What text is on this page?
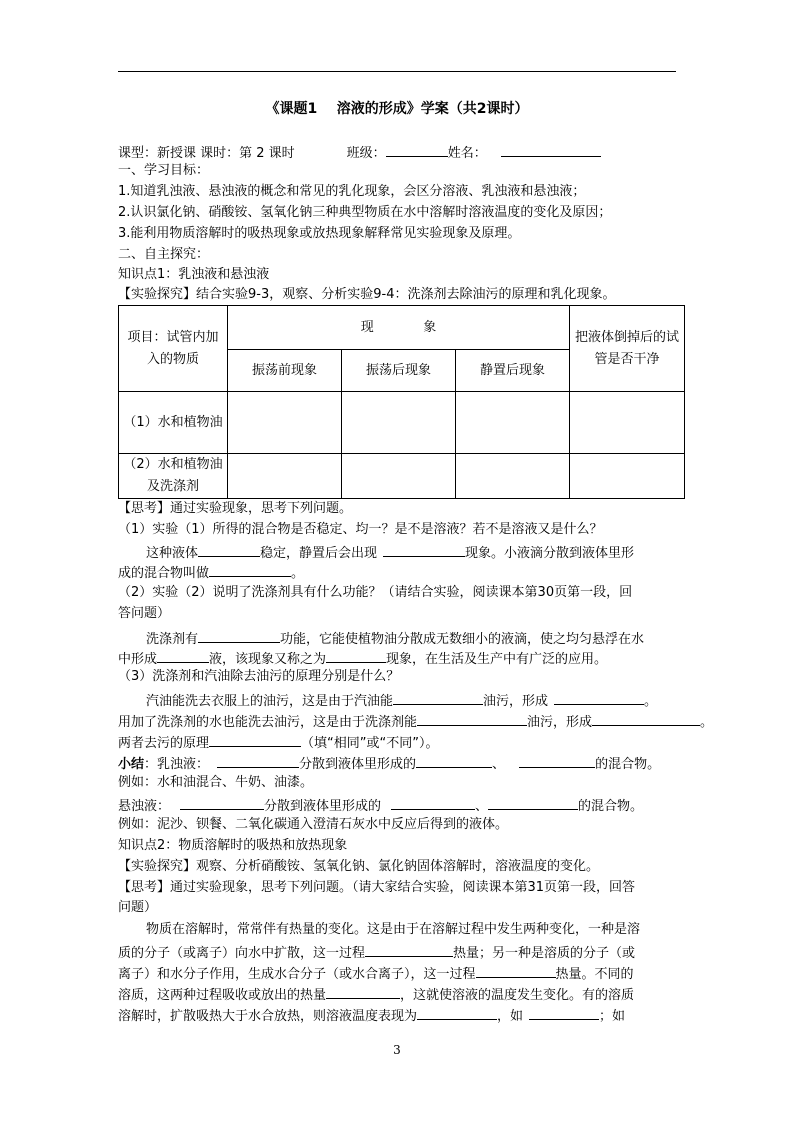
《课题1    溶液的形成》学案（共2课时）
课型：新授课 课时：第 2 课时	班级：	姓名：
一、学习目标：
1.知道乳浊液、悬浊液的概念和常见的乳化现象，会区分溶液、乳浊液和悬浊液；
2.认识氯化钠、硝酸铵、氢氧化钠三种典型物质在水中溶解时溶液温度的变化及原因；
3.能利用物质溶解时的吸热现象或放热现象解释常见实验现象及原理。
二、自主探究：
知识点1：乳浊液和悬浊液
【实验探究】结合实验9-3，观察、分析实验9-4：洗涤剂去除油污的原理和乳化现象。
项目：试管内加入的物质	现            象			把液体倒掉后的试管是否干净
	振荡前现象	振荡后现象	静置后现象	
（1）水和植物油				
（2）水和植物油及洗涤剂				
【思考】通过实验现象，思考下列问题。
（1）实验（1）所得的混合物是否稳定、均一？是不是溶液？若不是溶液又是什么？
这种液体	稳定，静置后会出现	现象。小液滴分散到液体里形
成的混合物叫做	。
（2）实验（2）说明了洗涤剂具有什么功能？（请结合实验，阅读课本第30页第一段，回
答问题）
洗涤剂有	功能，它能使植物油分散成无数细小的液滴，使之均匀悬浮在水
中形成	液，该现象又称之为	现象，在生活及生产中有广泛的应用。
（3）洗涤剂和汽油除去油污的原理分别是什么？
汽油能洗去衣服上的油污，这是由于汽油能	油污，形成	。
用加了洗涤剂的水也能洗去油污，这是由于洗涤剂能	油污，形成	。
两者去污的原理	（填“相同”或“不同”）。
小结：乳浊液：	分散到液体里形成的	、	的混合物。
例如：水和油混合、牛奶、油漆。
悬浊液：	分散到液体里形成的	、	的混合物。
例如：泥沙、钡餐、二氧化碳通入澄清石灰水中反应后得到的液体。
知识点2：物质溶解时的吸热和放热现象
【实验探究】观察、分析硝酸铵、氢氧化钠、氯化钠固体溶解时，溶液温度的变化。
【思考】通过实验现象，思考下列问题。（请大家结合实验，阅读课本第31页第一段，回答
问题）
物质在溶解时，常常伴有热量的变化。这是由于在溶解过程中发生两种变化，一种是溶
质的分子（或离子）向水中扩散，这一过程	热量；另一种是溶质的分子（或
离子）和水分子作用，生成水合分子（或水合离子），这一过程	热量。不同的
溶质，这两种过程吸收或放出的热量	，这就使溶液的温度发生变化。有的溶质
溶解时，扩散吸热大于水合放热，则溶液温度表现为	，如	；如
3
